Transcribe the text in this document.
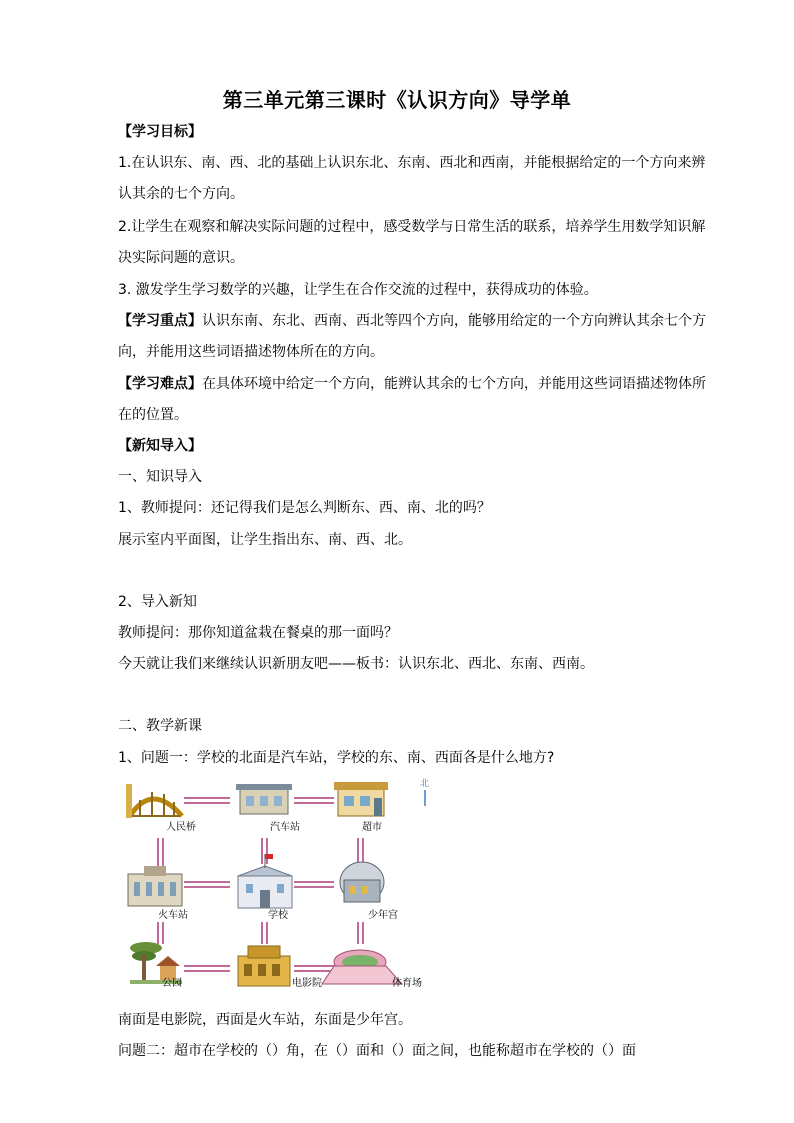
第三单元第三课时《认识方向》导学单
【学习目标】
1.在认识东、南、西、北的基础上认识东北、东南、西北和西南，并能根据给定的一个方向来辨
认其余的七个方向。
2.让学生在观察和解决实际问题的过程中，感受数学与日常生活的联系，培养学生用数学知识解
决实际问题的意识。
3. 激发学生学习数学的兴趣，让学生在合作交流的过程中，获得成功的体验。
【学习重点】认识东南、东北、西南、西北等四个方向，能够用给定的一个方向辨认其余七个方
向，并能用这些词语描述物体所在的方向。
【学习难点】在具体环境中给定一个方向，能辨认其余的七个方向，并能用这些词语描述物体所
在的位置。
【新知导入】
一、知识导入
1、教师提问：还记得我们是怎么判断东、西、南、北的吗？
展示室内平面图，让学生指出东、南、西、北。
2、导入新知
教师提问：那你知道盆栽在餐桌的那一面吗？
今天就让我们来继续认识新朋友吧——板书：认识东北、西北、东南、西南。
二、教学新课
1、问题一：学校的北面是汽车站，学校的东、南、西面各是什么地方?
人民桥	汽车站	超市
北
火车站	学校	少年宫
公园	电影院	体育场
南面是电影院，西面是火车站，东面是少年宫。
问题二：超市在学校的（）角，在（）面和（）面之间，也能称超市在学校的（）面
